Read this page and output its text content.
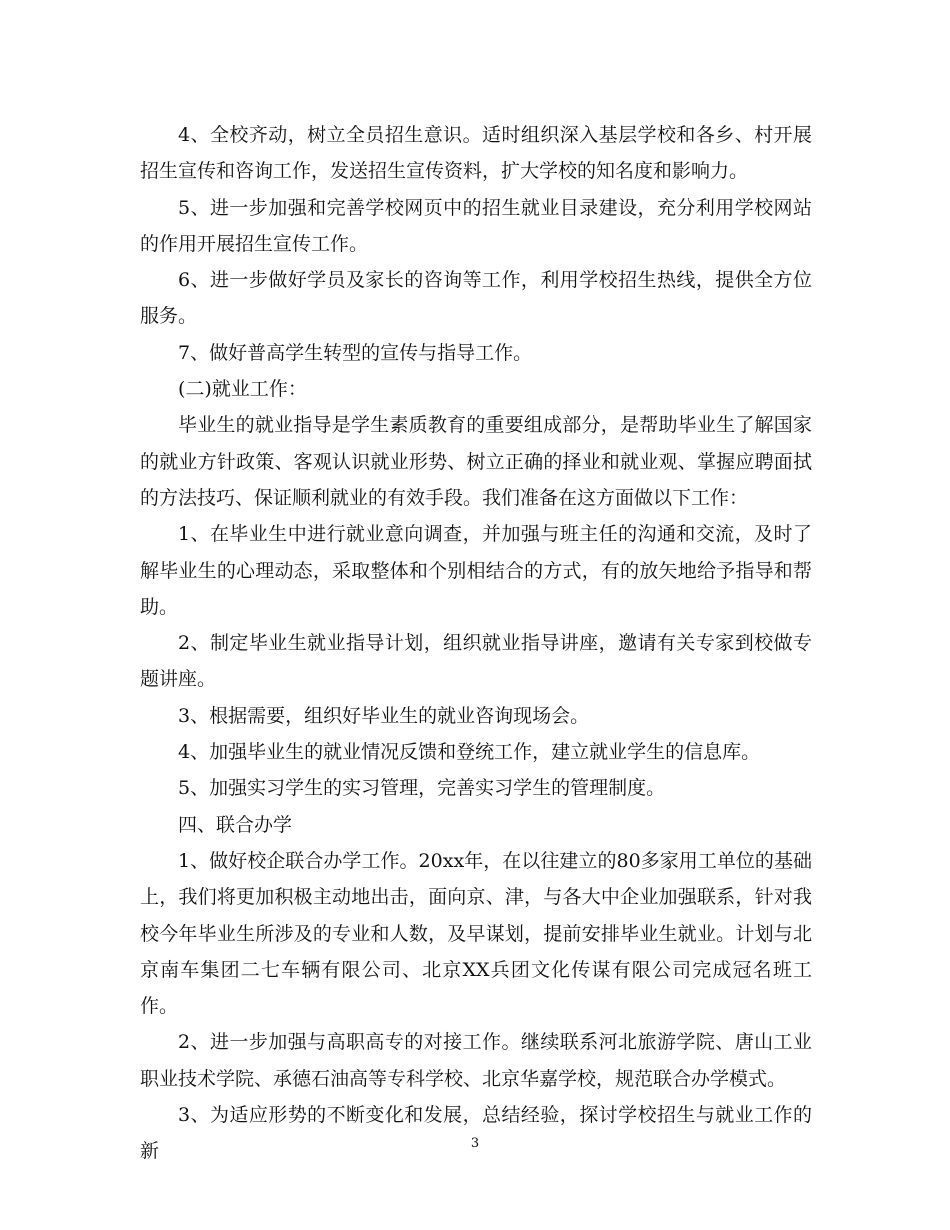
4、全校齐动，树立全员招生意识。适时组织深入基层学校和各乡、村开展招生宣传和咨询工作，发送招生宣传资料，扩大学校的知名度和影响力。

5、进一步加强和完善学校网页中的招生就业目录建设，充分利用学校网站的作用开展招生宣传工作。

6、进一步做好学员及家长的咨询等工作，利用学校招生热线，提供全方位服务。

7、做好普高学生转型的宣传与指导工作。

(二)就业工作：

毕业生的就业指导是学生素质教育的重要组成部分，是帮助毕业生了解国家的就业方针政策、客观认识就业形势、树立正确的择业和就业观、掌握应聘面拭的方法技巧、保证顺利就业的有效手段。我们准备在这方面做以下工作：

1、在毕业生中进行就业意向调查，并加强与班主任的沟通和交流，及时了解毕业生的心理动态，采取整体和个别相结合的方式，有的放矢地给予指导和帮助。

2、制定毕业生就业指导计划，组织就业指导讲座，邀请有关专家到校做专题讲座。

3、根据需要，组织好毕业生的就业咨询现场会。

4、加强毕业生的就业情况反馈和登统工作，建立就业学生的信息库。

5、加强实习学生的实习管理，完善实习学生的管理制度。

四、联合办学

1、做好校企联合办学工作。20xx年，在以往建立的80多家用工单位的基础上，我们将更加积极主动地出击，面向京、津，与各大中企业加强联系，针对我校今年毕业生所涉及的专业和人数，及早谋划，提前安排毕业生就业。计划与北京南车集团二七车辆有限公司、北京XX兵团文化传谋有限公司完成冠名班工作。

2、进一步加强与高职高专的对接工作。继续联系河北旅游学院、唐山工业职业技术学院、承德石油高等专科学校、北京华嘉学校，规范联合办学模式。

3、为适应形势的不断变化和发展，总结经验，探讨学校招生与就业工作的新	3
